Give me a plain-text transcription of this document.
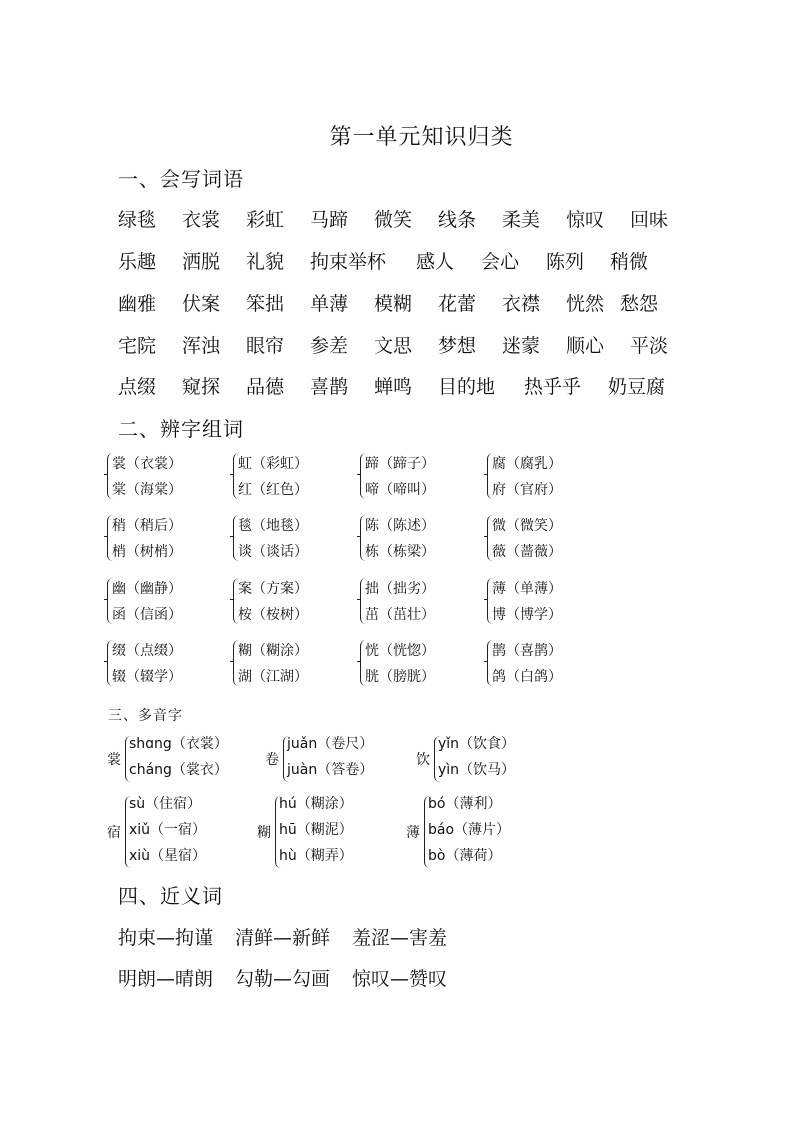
第一单元知识归类
一、会写词语
绿毯 衣裳 彩虹 马蹄 微笑 线条 柔美 惊叹 回味
乐趣 洒脱 礼貌 拘束举杯 感人 会心 陈列 稍微
幽雅 伏案 笨拙 单薄 模糊 花蕾 衣襟 恍然 愁怨
宅院 浑浊 眼帘 参差 文思 梦想 迷蒙 顺心 平淡
点缀 窥探 品德 喜鹊 蝉鸣 目的地 热乎乎 奶豆腐
二、辨字组词
裳（衣裳）
棠（海棠）
虹（彩虹）
红（红色）
蹄（蹄子）
啼（啼叫）
腐（腐乳）
府（官府）
稍（稍后）
梢（树梢）
毯（地毯）
谈（谈话）
陈（陈述）
栋（栋梁）
微（微笑）
薇（蔷薇）
幽（幽静）
函（信函）
案（方案）
桉（桉树）
拙（拙劣）
茁（茁壮）
薄（单薄）
博（博学）
缀（点缀）
辍（辍学）
糊（糊涂）
湖（江湖）
恍（恍惚）
胱（膀胱）
鹊（喜鹊）
鸽（白鸽）
三、多音字
裳
shɑng（衣裳）
cháng（裳衣）
卷
juǎn（卷尺）
juàn（答卷）
饮
yǐn（饮食）
yìn（饮马）
宿
sù（住宿）
xiǔ（一宿）
xiù（星宿）
糊
hú（糊涂）
hū（糊泥）
hù（糊弄）
薄
bó（薄利）
báo（薄片）
bò（薄荷）
四、近义词
拘束—拘谨 清鲜—新鲜 羞涩—害羞
明朗—晴朗 勾勒—勾画 惊叹—赞叹
